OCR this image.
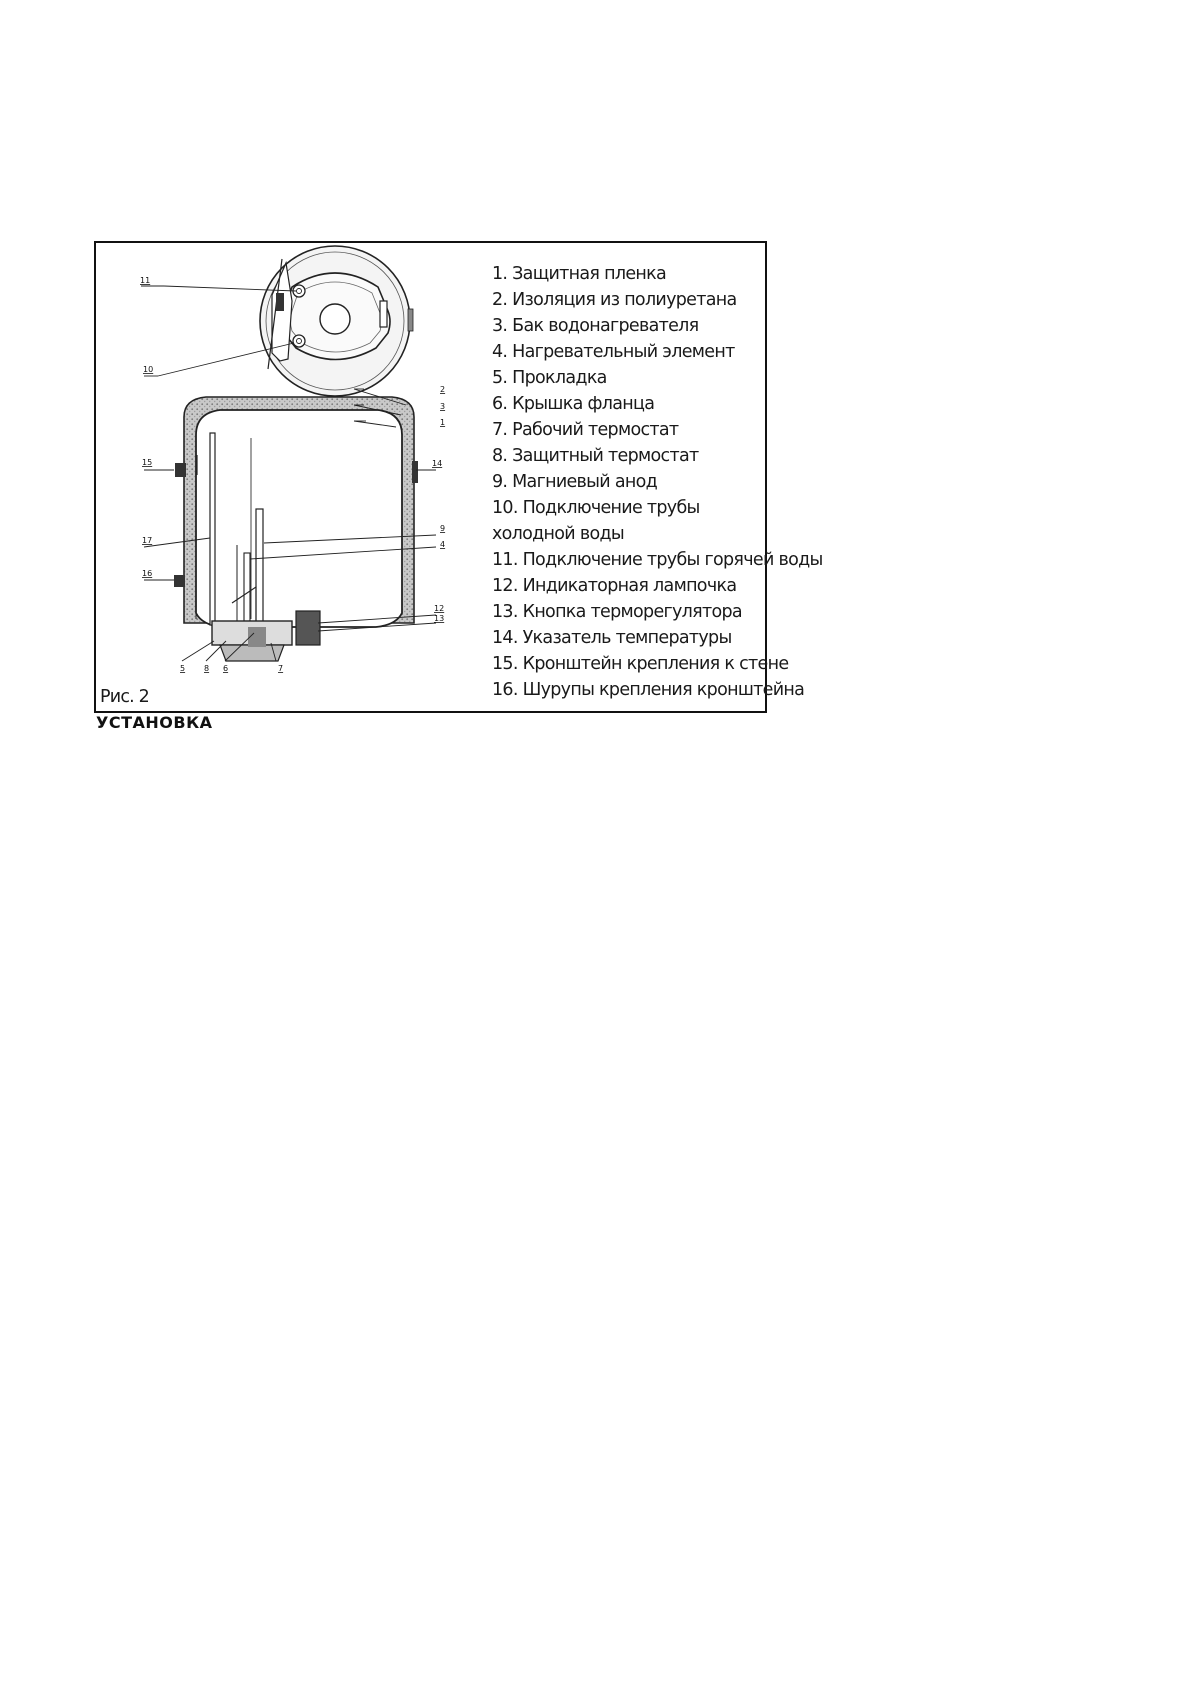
11
10
2
3
1
14
15
17
9
4
16
12
13
5 8 6	7
1. Защитная пленка
2. Изоляция из полиуретана
3. Бак водонагревателя
4. Нагревательный элемент
5. Прокладка
6. Крышка фланца
7. Рабочий термостат
8. Защитный термостат
9. Магниевый анод
10. Подключение трубы холодной воды
11. Подключение трубы горячей воды
12. Индикаторная лампочка
13. Кнопка терморегулятора
14. Указатель температуры
15. Кронштейн крепления к стене
16. Шурупы крепления кронштейна
Рис. 2
УСТАНОВКА
